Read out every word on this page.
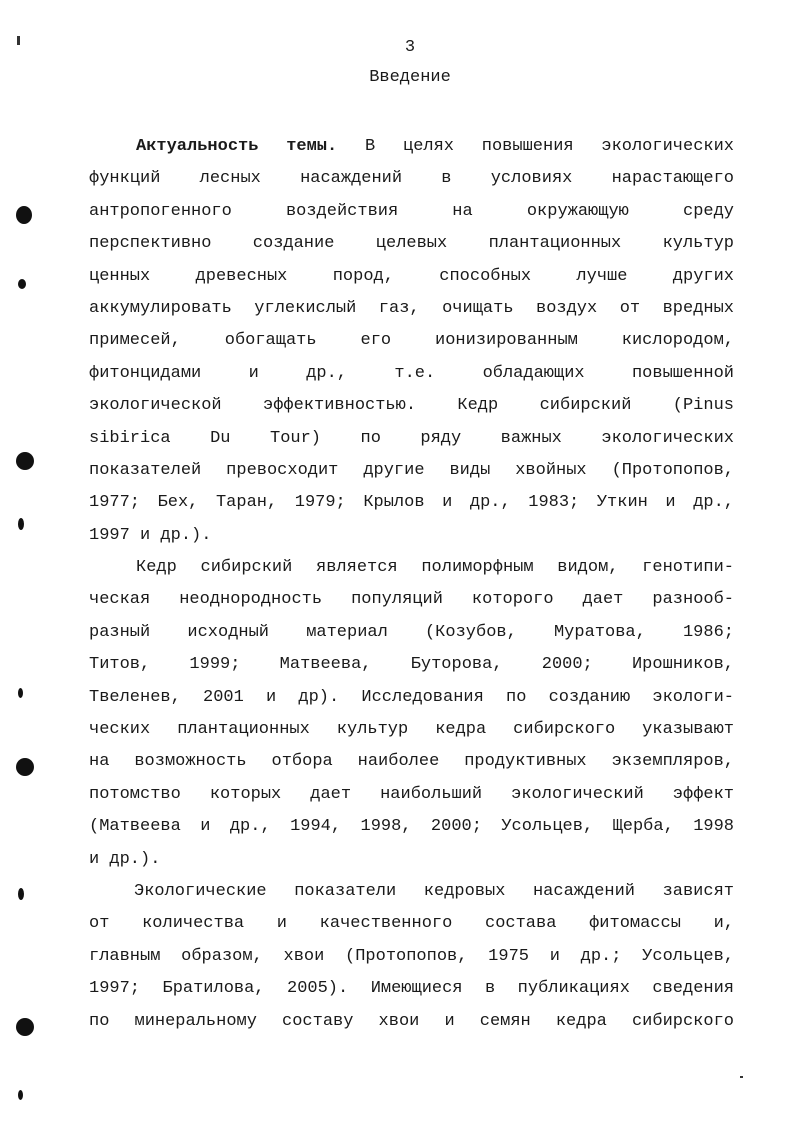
3
Введение
Актуальность темы. В целях повышения экологических
функций лесных насаждений в условиях нарастающего
антропогенного воздействия на окружающую среду
перспективно создание целевых плантационных культур
ценных древесных пород, способных лучше других
аккумулировать углекислый газ, очищать воздух от вредных
примесей, обогащать его ионизированным кислородом,
фитонцидами и др., т.е. обладающих повышенной
экологической эффективностью. Кедр сибирский (Pinus
sibirica Du Tour) по ряду важных экологических
показателей превосходит другие виды хвойных (Протопопов,
1977; Бех, Таран, 1979; Крылов и др., 1983; Уткин и др.,
1997 и др.).
Кедр сибирский является полиморфным видом, генотипи-
ческая неоднородность популяций которого дает разнооб-
разный исходный материал (Козубов, Муратова, 1986;
Титов, 1999; Матвеева, Буторова, 2000; Ирошников,
Твеленев, 2001 и др). Исследования по созданию экологи-
ческих плантационных культур кедра сибирского указывают
на возможность отбора наиболее продуктивных экземпляров,
потомство которых дает наибольший экологический эффект
(Матвеева и др., 1994, 1998, 2000; Усольцев, Щерба, 1998
и др.).
Экологические показатели кедровых насаждений зависят
от количества и качественного состава фитомассы и,
главным образом, хвои (Протопопов, 1975 и др.; Усольцев,
1997; Братилова, 2005). Имеющиеся в публикациях сведения
по минеральному составу хвои и семян кедра сибирского
